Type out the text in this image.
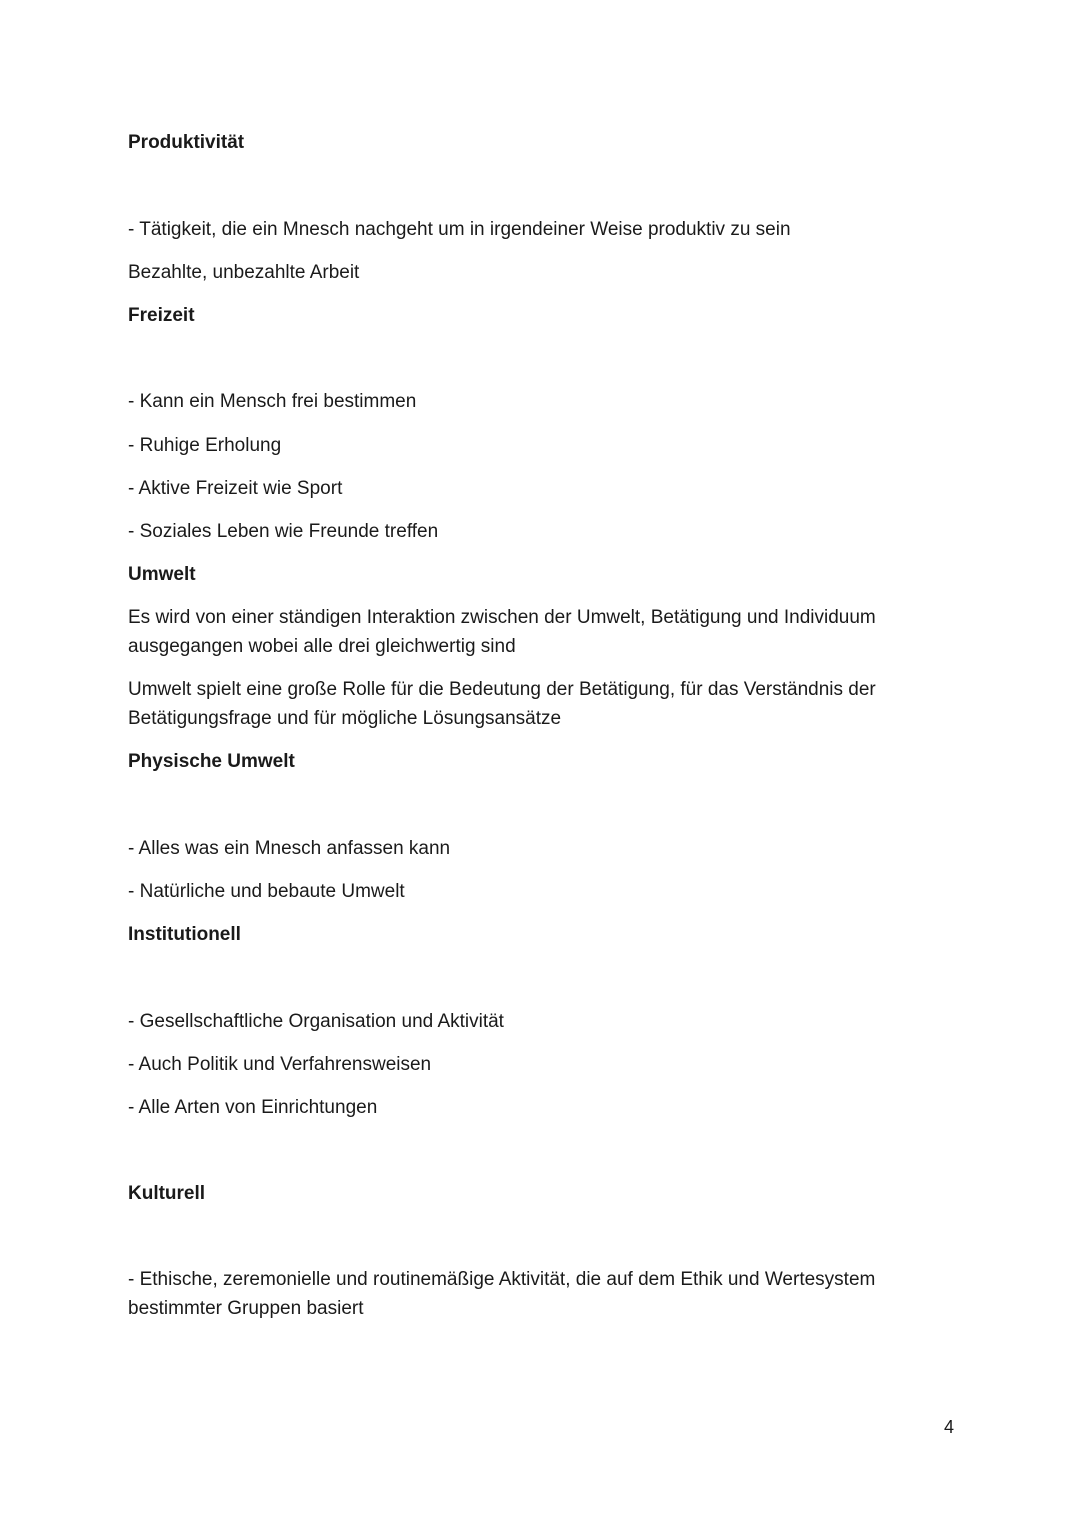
Produktivität
- Tätigkeit, die ein Mnesch nachgeht um in irgendeiner Weise produktiv zu sein
Bezahlte, unbezahlte Arbeit
Freizeit
- Kann ein Mensch frei bestimmen
- Ruhige Erholung
- Aktive Freizeit wie Sport
- Soziales Leben wie Freunde treffen
Umwelt
Es wird von einer ständigen Interaktion zwischen der Umwelt, Betätigung und Individuum ausgegangen wobei alle drei gleichwertig sind
Umwelt spielt eine große Rolle für die Bedeutung der Betätigung, für das Verständnis der Betätigungsfrage und für mögliche Lösungsansätze
Physische Umwelt
- Alles was ein Mnesch anfassen kann
- Natürliche und bebaute Umwelt
Institutionell
- Gesellschaftliche Organisation und Aktivität
- Auch Politik und Verfahrensweisen
- Alle Arten von Einrichtungen
Kulturell
- Ethische, zeremonielle und routinemäßige Aktivität, die auf dem Ethik und Wertesystem bestimmter Gruppen basiert
4
